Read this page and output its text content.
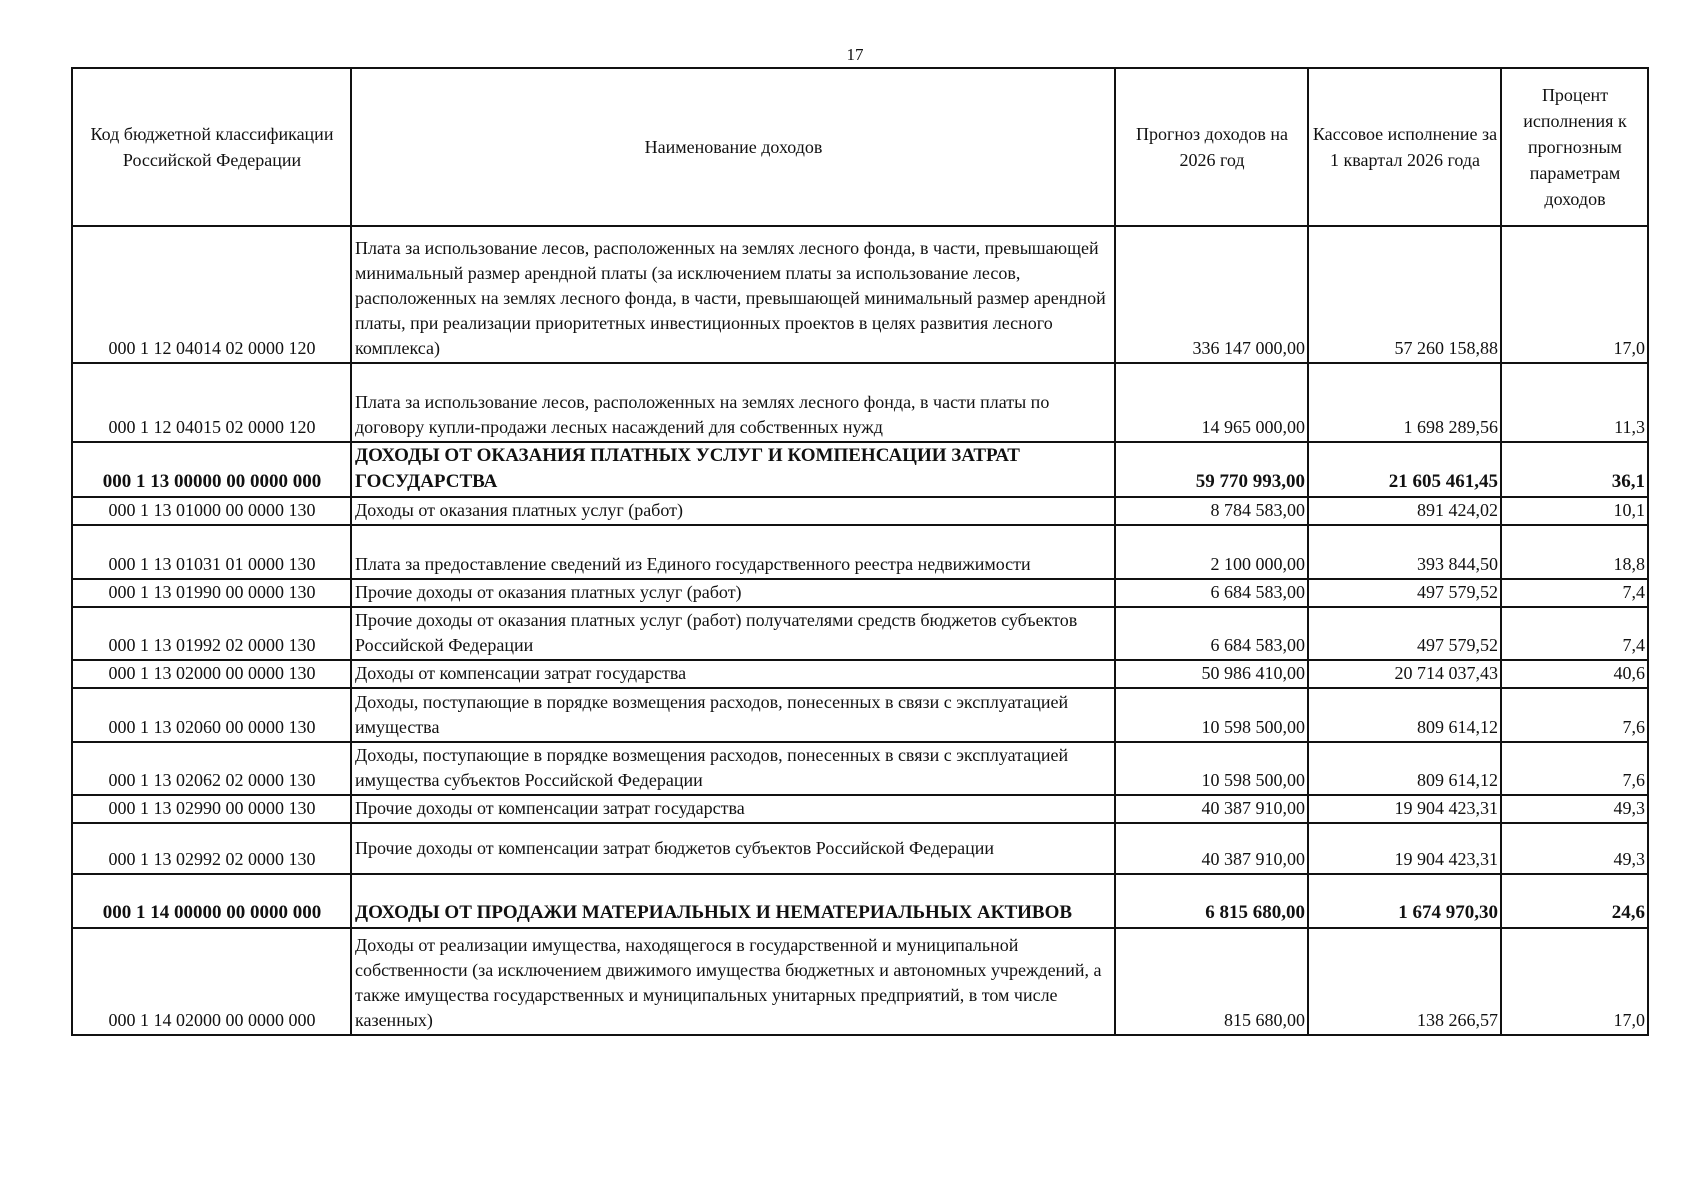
17
Код бюджетной классификации Российской Федерации	Наименование доходов	Прогноз доходов на 2026 год	Кассовое исполнение за 1 квартал 2026 года	Процент исполнения к прогнозным параметрам доходов
000 1 12 04014 02 0000 120	Плата за использование лесов, расположенных на землях лесного фонда, в части, превышающей минимальный размер арендной платы (за исключением платы за использование лесов, расположенных на землях лесного фонда, в части, превышающей минимальный размер арендной платы, при реализации приоритетных инвестиционных проектов в целях развития лесного комплекса)	336 147 000,00	57 260 158,88	17,0
000 1 12 04015 02 0000 120	Плата за использование лесов, расположенных на землях лесного фонда, в части платы по договору купли-продажи лесных насаждений для собственных нужд	14 965 000,00	1 698 289,56	11,3
000 1 13 00000 00 0000 000	ДОХОДЫ ОТ ОКАЗАНИЯ ПЛАТНЫХ УСЛУГ И КОМПЕНСАЦИИ ЗАТРАТ ГОСУДАРСТВА	59 770 993,00	21 605 461,45	36,1
000 1 13 01000 00 0000 130	Доходы от оказания платных услуг (работ)	8 784 583,00	891 424,02	10,1
000 1 13 01031 01 0000 130	Плата за предоставление сведений из Единого государственного реестра недвижимости	2 100 000,00	393 844,50	18,8
000 1 13 01990 00 0000 130	Прочие доходы от оказания платных услуг (работ)	6 684 583,00	497 579,52	7,4
000 1 13 01992 02 0000 130	Прочие доходы от оказания платных услуг (работ) получателями средств бюджетов субъектов Российской Федерации	6 684 583,00	497 579,52	7,4
000 1 13 02000 00 0000 130	Доходы от компенсации затрат государства	50 986 410,00	20 714 037,43	40,6
000 1 13 02060 00 0000 130	Доходы, поступающие в порядке возмещения расходов, понесенных в связи с эксплуатацией имущества	10 598 500,00	809 614,12	7,6
000 1 13 02062 02 0000 130	Доходы, поступающие в порядке возмещения расходов, понесенных в связи с эксплуатацией имущества субъектов Российской Федерации	10 598 500,00	809 614,12	7,6
000 1 13 02990 00 0000 130	Прочие доходы от компенсации затрат государства	40 387 910,00	19 904 423,31	49,3
000 1 13 02992 02 0000 130	Прочие доходы от компенсации затрат бюджетов субъектов Российской Федерации	40 387 910,00	19 904 423,31	49,3
000 1 14 00000 00 0000 000	ДОХОДЫ ОТ ПРОДАЖИ МАТЕРИАЛЬНЫХ И НЕМАТЕРИАЛЬНЫХ АКТИВОВ	6 815 680,00	1 674 970,30	24,6
000 1 14 02000 00 0000 000	Доходы от реализации имущества, находящегося в государственной и муниципальной собственности (за исключением движимого имущества бюджетных и автономных учреждений, а также имущества государственных и муниципальных унитарных предприятий, в том числе казенных)	815 680,00	138 266,57	17,0
